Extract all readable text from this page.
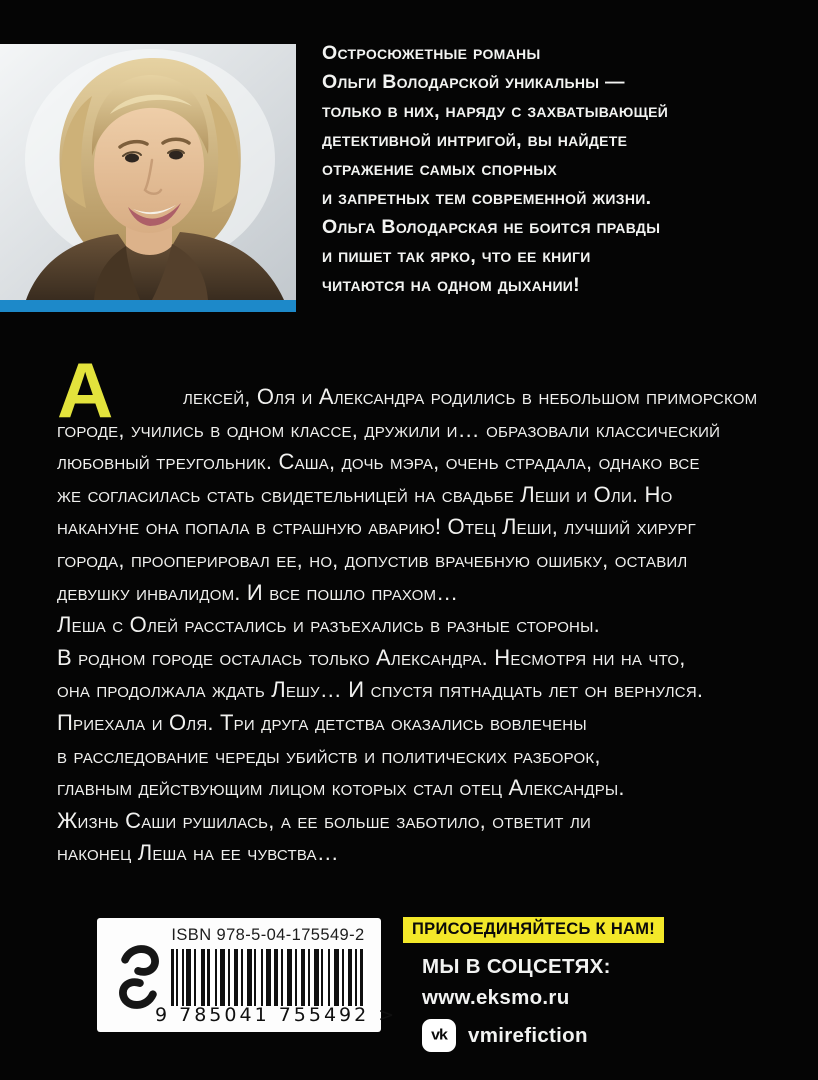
Остросюжетные романы
Ольги Володарской уникальны —
только в них, наряду с захватывающей
детективной интригой, вы найдете
отражение самых спорных
и запретных тем современной жизни.
Ольга Володарская не боится правды
и пишет так ярко, что ее книги
читаются на одном дыхании!
А	лексей, Оля и Александра родились в небольшом приморском
городе, учились в одном классе, дружили и… образовали классический
любовный треугольник. Саша, дочь мэра, очень страдала, однако все
же согласилась стать свидетельницей на свадьбе Леши и Оли. Но
накануне она попала в страшную аварию! Отец Леши, лучший хирург
города, прооперировал ее, но, допустив врачебную ошибку, оставил
девушку инвалидом. И все пошло прахом…
Леша с Олей расстались и разъехались в разные стороны.
В родном городе осталась только Александра. Несмотря ни на что,
она продолжала ждать Лешу… И спустя пятнадцать лет он вернулся.
Приехала и Оля. Три друга детства оказались вовлечены
в расследование череды убийств и политических разборок,
главным действующим лицом которых стал отец Александры.
Жизнь Саши рушилась, а ее больше заботило, ответит ли
наконец Леша на ее чувства…
ISBN 978-5-04-175549-2
9 785041 755492 >
ПРИСОЕДИНЯЙТЕСЬ К НАМ!
МЫ В СОЦСЕТЯХ:
www.eksmo.ru
vk vmirefiction
